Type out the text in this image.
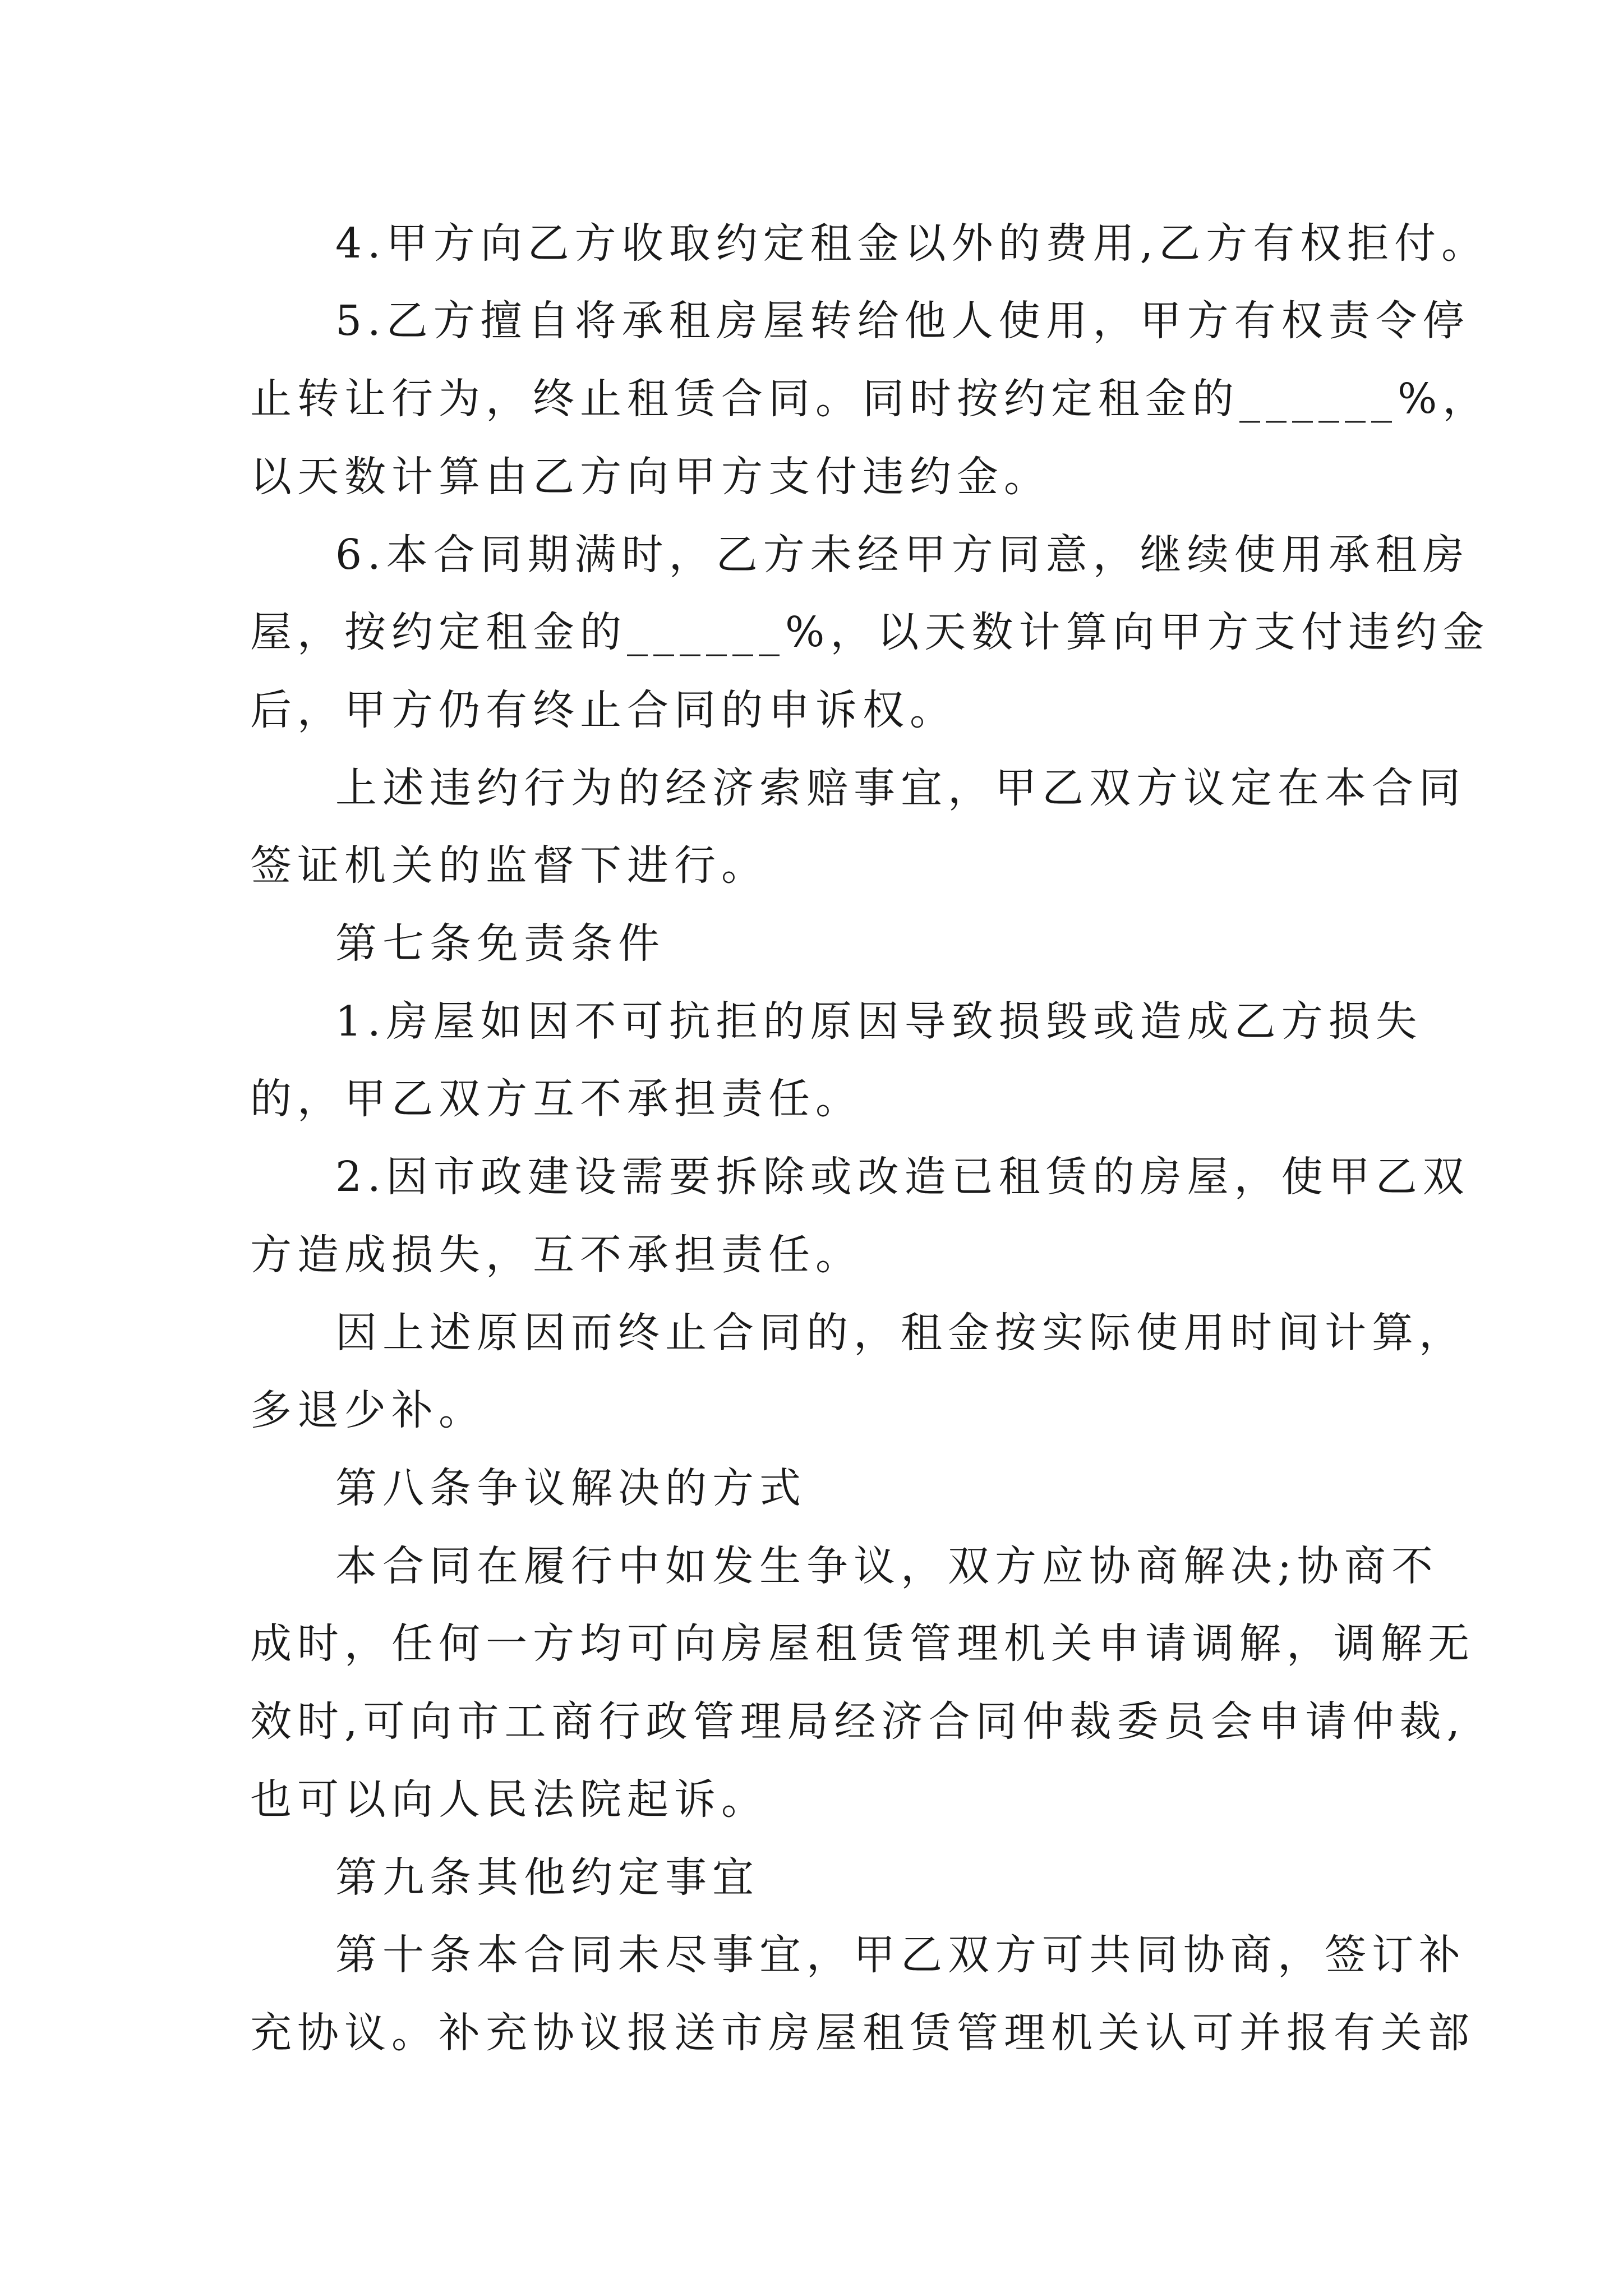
4.甲方向乙方收取约定租金以外的费用,乙方有权拒付。
5.乙方擅自将承租房屋转给他人使用，甲方有权责令停
止转让行为，终止租赁合同。同时按约定租金的______%，
以天数计算由乙方向甲方支付违约金。
6.本合同期满时，乙方未经甲方同意，继续使用承租房
屋，按约定租金的______%，以天数计算向甲方支付违约金
后，甲方仍有终止合同的申诉权。
上述违约行为的经济索赔事宜，甲乙双方议定在本合同
签证机关的监督下进行。
第七条免责条件
1.房屋如因不可抗拒的原因导致损毁或造成乙方损失
的，甲乙双方互不承担责任。
2.因市政建设需要拆除或改造已租赁的房屋，使甲乙双
方造成损失，互不承担责任。
因上述原因而终止合同的，租金按实际使用时间计算，
多退少补。
第八条争议解决的方式
本合同在履行中如发生争议，双方应协商解决;协商不
成时，任何一方均可向房屋租赁管理机关申请调解，调解无
效时,可向市工商行政管理局经济合同仲裁委员会申请仲裁,
也可以向人民法院起诉。
第九条其他约定事宜
第十条本合同未尽事宜，甲乙双方可共同协商，签订补
充协议。补充协议报送市房屋租赁管理机关认可并报有关部
